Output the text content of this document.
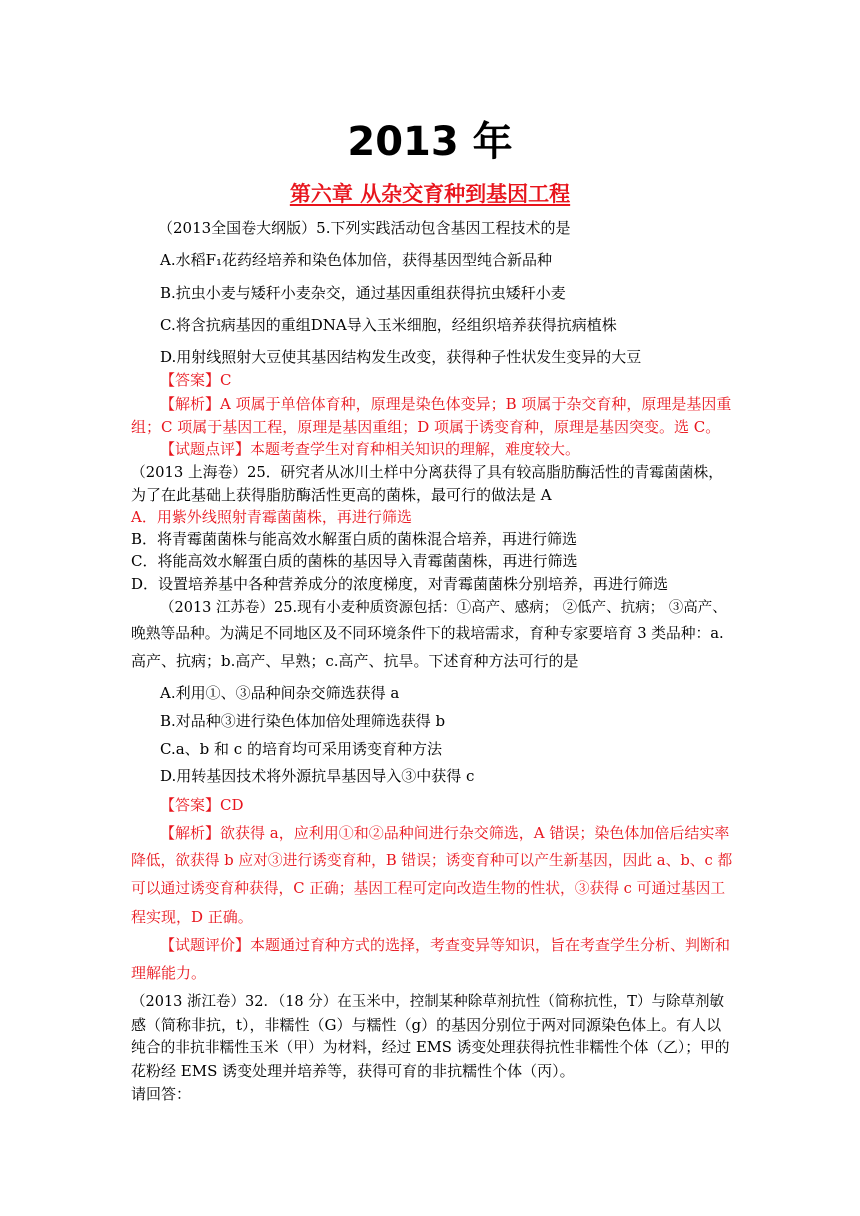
2013 年
第六章 从杂交育种到基因工程
（2013全国卷大纲版）5.下列实践活动包含基因工程技术的是
A.水稻F₁花药经培养和染色体加倍，获得基因型纯合新品种
B.抗虫小麦与矮秆小麦杂交，通过基因重组获得抗虫矮秆小麦
C.将含抗病基因的重组DNA导入玉米细胞，经组织培养获得抗病植株
D.用射线照射大豆使其基因结构发生改变，获得种子性状发生变异的大豆
【答案】C
【解析】A 项属于单倍体育种，原理是染色体变异；B 项属于杂交育种，原理是基因重
组；C 项属于基因工程，原理是基因重组；D 项属于诱变育种，原理是基因突变。选 C。
【试题点评】本题考查学生对育种相关知识的理解，难度较大。
（2013 上海卷）25．研究者从冰川土样中分离获得了具有较高脂肪酶活性的青霉菌菌株，
为了在此基础上获得脂肪酶活性更高的菌株，最可行的做法是 A
A．用紫外线照射青霉菌菌株，再进行筛选
B．将青霉菌菌株与能高效水解蛋白质的菌株混合培养，再进行筛选
C．将能高效水解蛋白质的菌株的基因导入青霉菌菌株，再进行筛选
D．设置培养基中各种营养成分的浓度梯度，对青霉菌菌株分别培养，再进行筛选
（2013 江苏卷）25.现有小麦种质资源包括：①高产、感病； ②低产、抗病； ③高产、
晚熟等品种。为满足不同地区及不同环境条件下的栽培需求，育种专家要培育 3 类品种：a.
高产、抗病；b.高产、早熟；c.高产、抗旱。下述育种方法可行的是
A.利用①、③品种间杂交筛选获得 a
B.对品种③进行染色体加倍处理筛选获得 b
C.a、b 和 c 的培育均可采用诱变育种方法
D.用转基因技术将外源抗旱基因导入③中获得 c
【答案】CD
【解析】欲获得 a，应利用①和②品种间进行杂交筛选，A 错误；染色体加倍后结实率
降低，欲获得 b 应对③进行诱变育种，B 错误；诱变育种可以产生新基因，因此 a、b、c 都
可以通过诱变育种获得，C 正确；基因工程可定向改造生物的性状，③获得 c 可通过基因工
程实现，D 正确。
【试题评价】本题通过育种方式的选择，考查变异等知识，旨在考查学生分析、判断和
理解能力。
（2013 浙江卷）32．（18 分）在玉米中，控制某种除草剂抗性（简称抗性，T）与除草剂敏
感（简称非抗，t），非糯性（G）与糯性（g）的基因分别位于两对同源染色体上。有人以
纯合的非抗非糯性玉米（甲）为材料，经过 EMS 诱变处理获得抗性非糯性个体（乙）；甲的
花粉经 EMS 诱变处理并培养等，获得可育的非抗糯性个体（丙）。
请回答：
